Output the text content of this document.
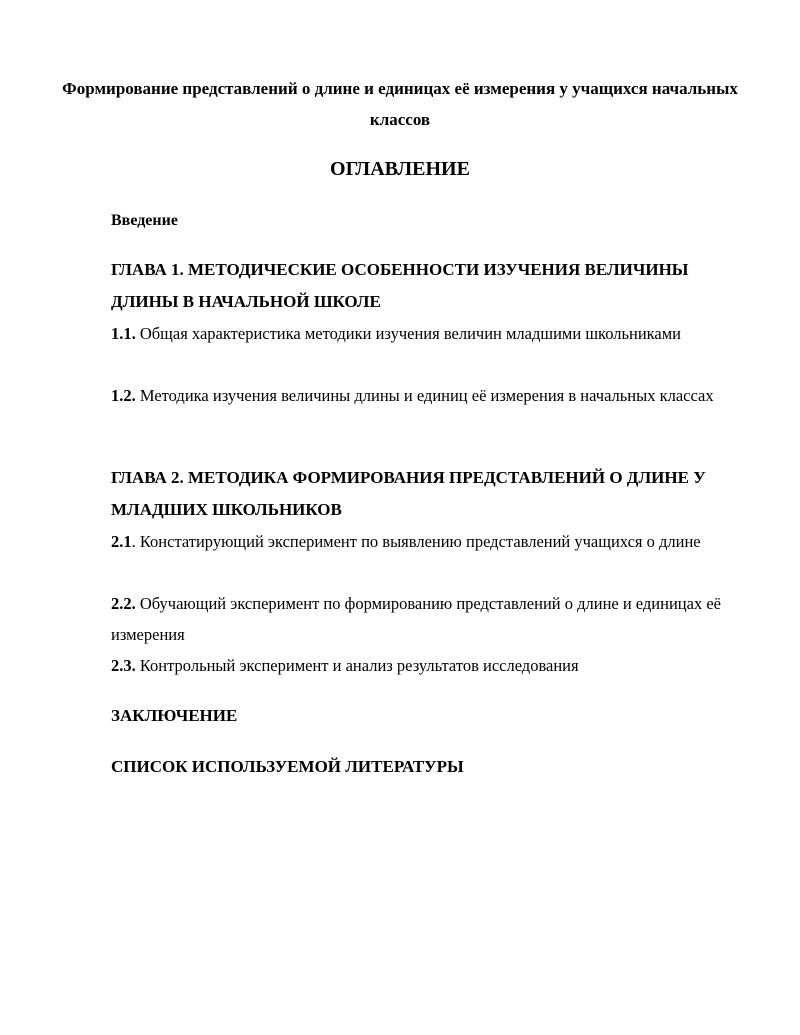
Формирование представлений о длине и единицах её измерения у учащихся начальных классов
ОГЛАВЛЕНИЕ
Введение
ГЛАВА 1. МЕТОДИЧЕСКИЕ ОСОБЕННОСТИ ИЗУЧЕНИЯ ВЕЛИЧИНЫ ДЛИНЫ В НАЧАЛЬНОЙ ШКОЛЕ
1.1. Общая характеристика методики изучения величин младшими школьниками
1.2. Методика изучения величины длины и единиц её измерения в начальных классах
ГЛАВА 2. МЕТОДИКА ФОРМИРОВАНИЯ ПРЕДСТАВЛЕНИЙ О ДЛИНЕ У МЛАДШИХ ШКОЛЬНИКОВ
2.1. Констатирующий эксперимент по выявлению представлений учащихся о длине
2.2. Обучающий эксперимент по формированию представлений о длине и единицах её измерения
2.3. Контрольный эксперимент и анализ результатов исследования
ЗАКЛЮЧЕНИЕ
СПИСОК ИСПОЛЬЗУЕМОЙ ЛИТЕРАТУРЫ
